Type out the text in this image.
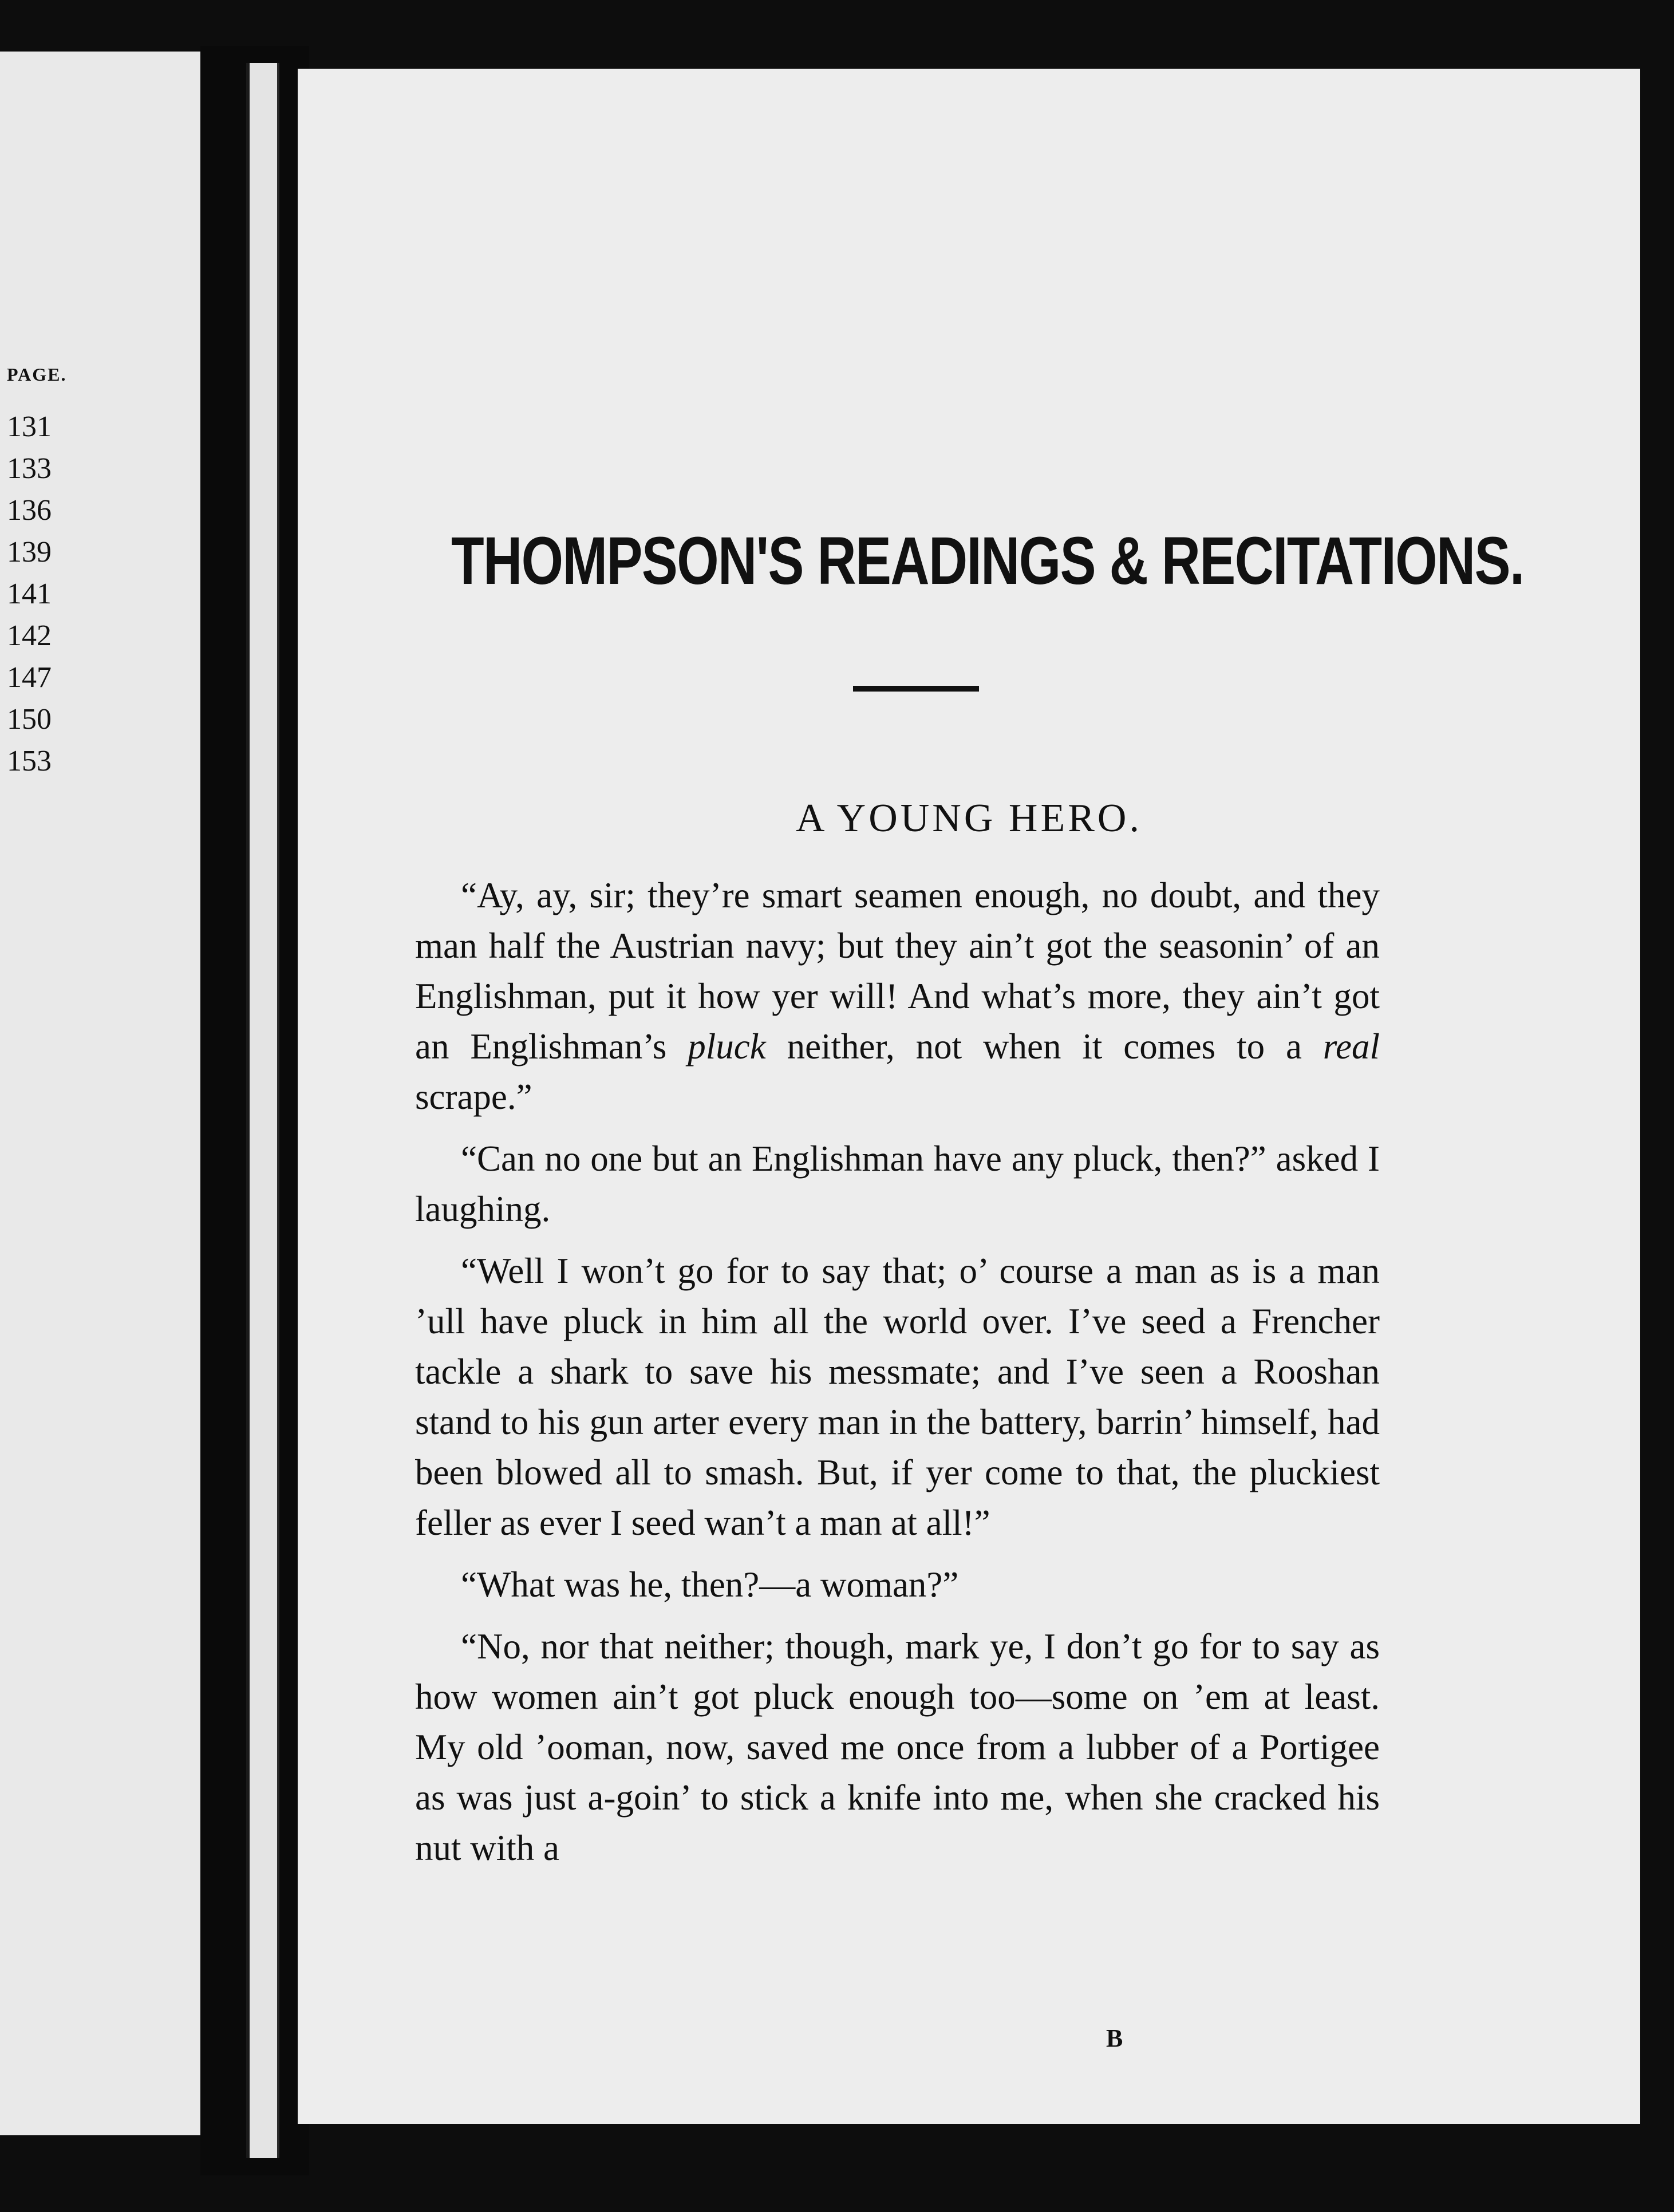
PAGE.
131
133
136
139
141
142
147
150
153
THOMPSON'S READINGS & RECITATIONS.
A YOUNG HERO.

“Ay, ay, sir; they’re smart seamen enough, no doubt, and they man half the Austrian navy; but they ain’t got the seasonin’ of an Englishman, put it how yer will! And what’s more, they ain’t got an Englishman’s pluck neither, not when it comes to a real scrape.”

“Can no one but an Englishman have any pluck, then?” asked I laughing.

“Well I won’t go for to say that; o’ course a man as is a man ’ull have pluck in him all the world over. I’ve seed a Frencher tackle a shark to save his messmate; and I’ve seen a Rooshan stand to his gun arter every man in the battery, barrin’ himself, had been blowed all to smash. But, if yer come to that, the pluckiest feller as ever I seed wan’t a man at all!”

“What was he, then?—a woman?”

“No, nor that neither; though, mark ye, I don’t go for to say as how women ain’t got pluck enough too—some on ’em at least. My old ’ooman, now, saved me once from a lubber of a Portigee as was just a-goin’ to stick a knife into me, when she cracked his nut with a

B
